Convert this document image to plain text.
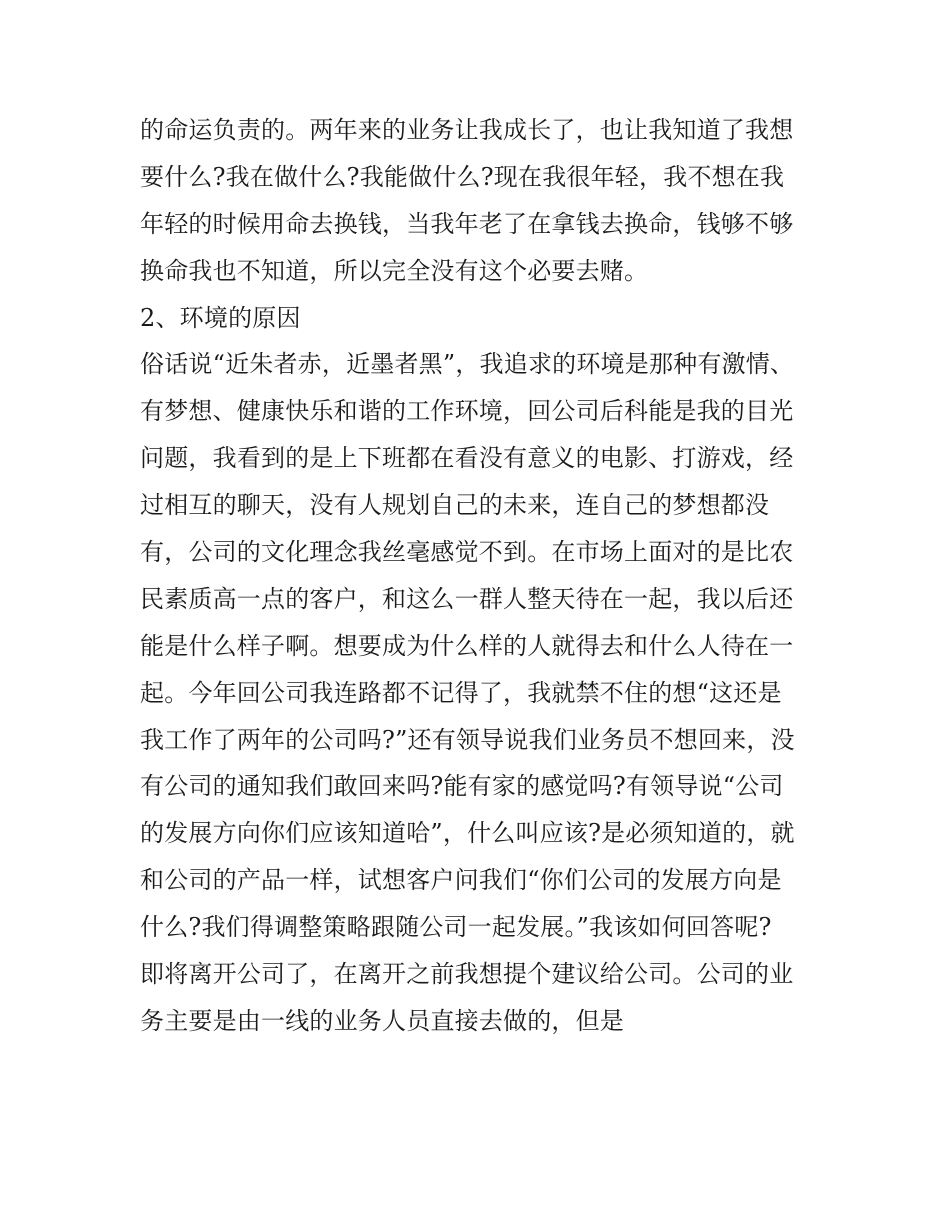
的命运负责的。两年来的业务让我成长了，也让我知道了我想
要什么?我在做什么?我能做什么?现在我很年轻，我不想在我
年轻的时候用命去换钱，当我年老了在拿钱去换命，钱够不够
换命我也不知道，所以完全没有这个必要去赌。
2、环境的原因
俗话说“近朱者赤，近墨者黑”，我追求的环境是那种有激情、
有梦想、健康快乐和谐的工作环境，回公司后科能是我的目光
问题，我看到的是上下班都在看没有意义的电影、打游戏，经
过相互的聊天，没有人规划自己的未来，连自己的梦想都没
有，公司的文化理念我丝毫感觉不到。在市场上面对的是比农
民素质高一点的客户，和这么一群人整天待在一起，我以后还
能是什么样子啊。想要成为什么样的人就得去和什么人待在一
起。今年回公司我连路都不记得了，我就禁不住的想“这还是
我工作了两年的公司吗?”还有领导说我们业务员不想回来，没
有公司的通知我们敢回来吗?能有家的感觉吗?有领导说“公司
的发展方向你们应该知道哈”，什么叫应该?是必须知道的，就
和公司的产品一样，试想客户问我们“你们公司的发展方向是
什么?我们得调整策略跟随公司一起发展。”我该如何回答呢?
即将离开公司了，在离开之前我想提个建议给公司。公司的业
务主要是由一线的业务人员直接去做的，但是
